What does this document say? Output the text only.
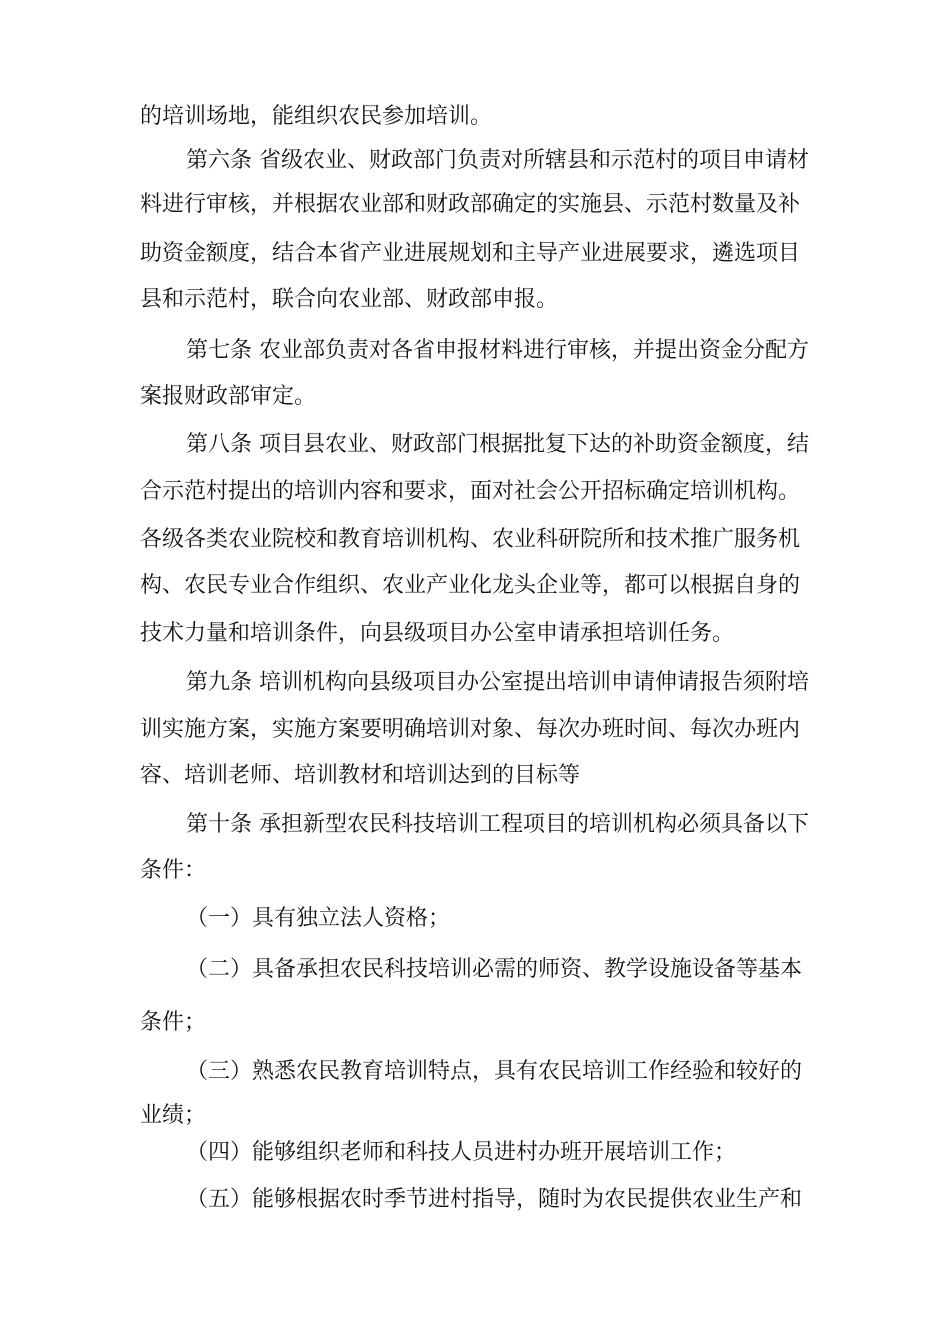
的培训场地，能组织农民参加培训。
第六条 省级农业、财政部门负责对所辖县和示范村的项目申请材
料进行审核，并根据农业部和财政部确定的实施县、示范村数量及补
助资金额度，结合本省产业进展规划和主导产业进展要求，遴选项目
县和示范村，联合向农业部、财政部申报。
第七条 农业部负责对各省申报材料进行审核，并提出资金分配方
案报财政部审定。
第八条 项目县农业、财政部门根据批复下达的补助资金额度，结
合示范村提出的培训内容和要求，面对社会公开招标确定培训机构。
各级各类农业院校和教育培训机构、农业科研院所和技术推广服务机
构、农民专业合作组织、农业产业化龙头企业等，都可以根据自身的
技术力量和培训条件，向县级项目办公室申请承担培训任务。
第九条 培训机构向县级项目办公室提出培训申请伸请报告须附培
训实施方案，实施方案要明确培训对象、每次办班时间、每次办班内
容、培训老师、培训教材和培训达到的目标等
第十条 承担新型农民科技培训工程项目的培训机构必须具备以下
条件：
（一）具有独立法人资格；
（二）具备承担农民科技培训必需的师资、教学设施设备等基本
条件；
（三）熟悉农民教育培训特点，具有农民培训工作经验和较好的
业绩；
（四）能够组织老师和科技人员进村办班开展培训工作；
（五）能够根据农时季节进村指导，随时为农民提供农业生产和
